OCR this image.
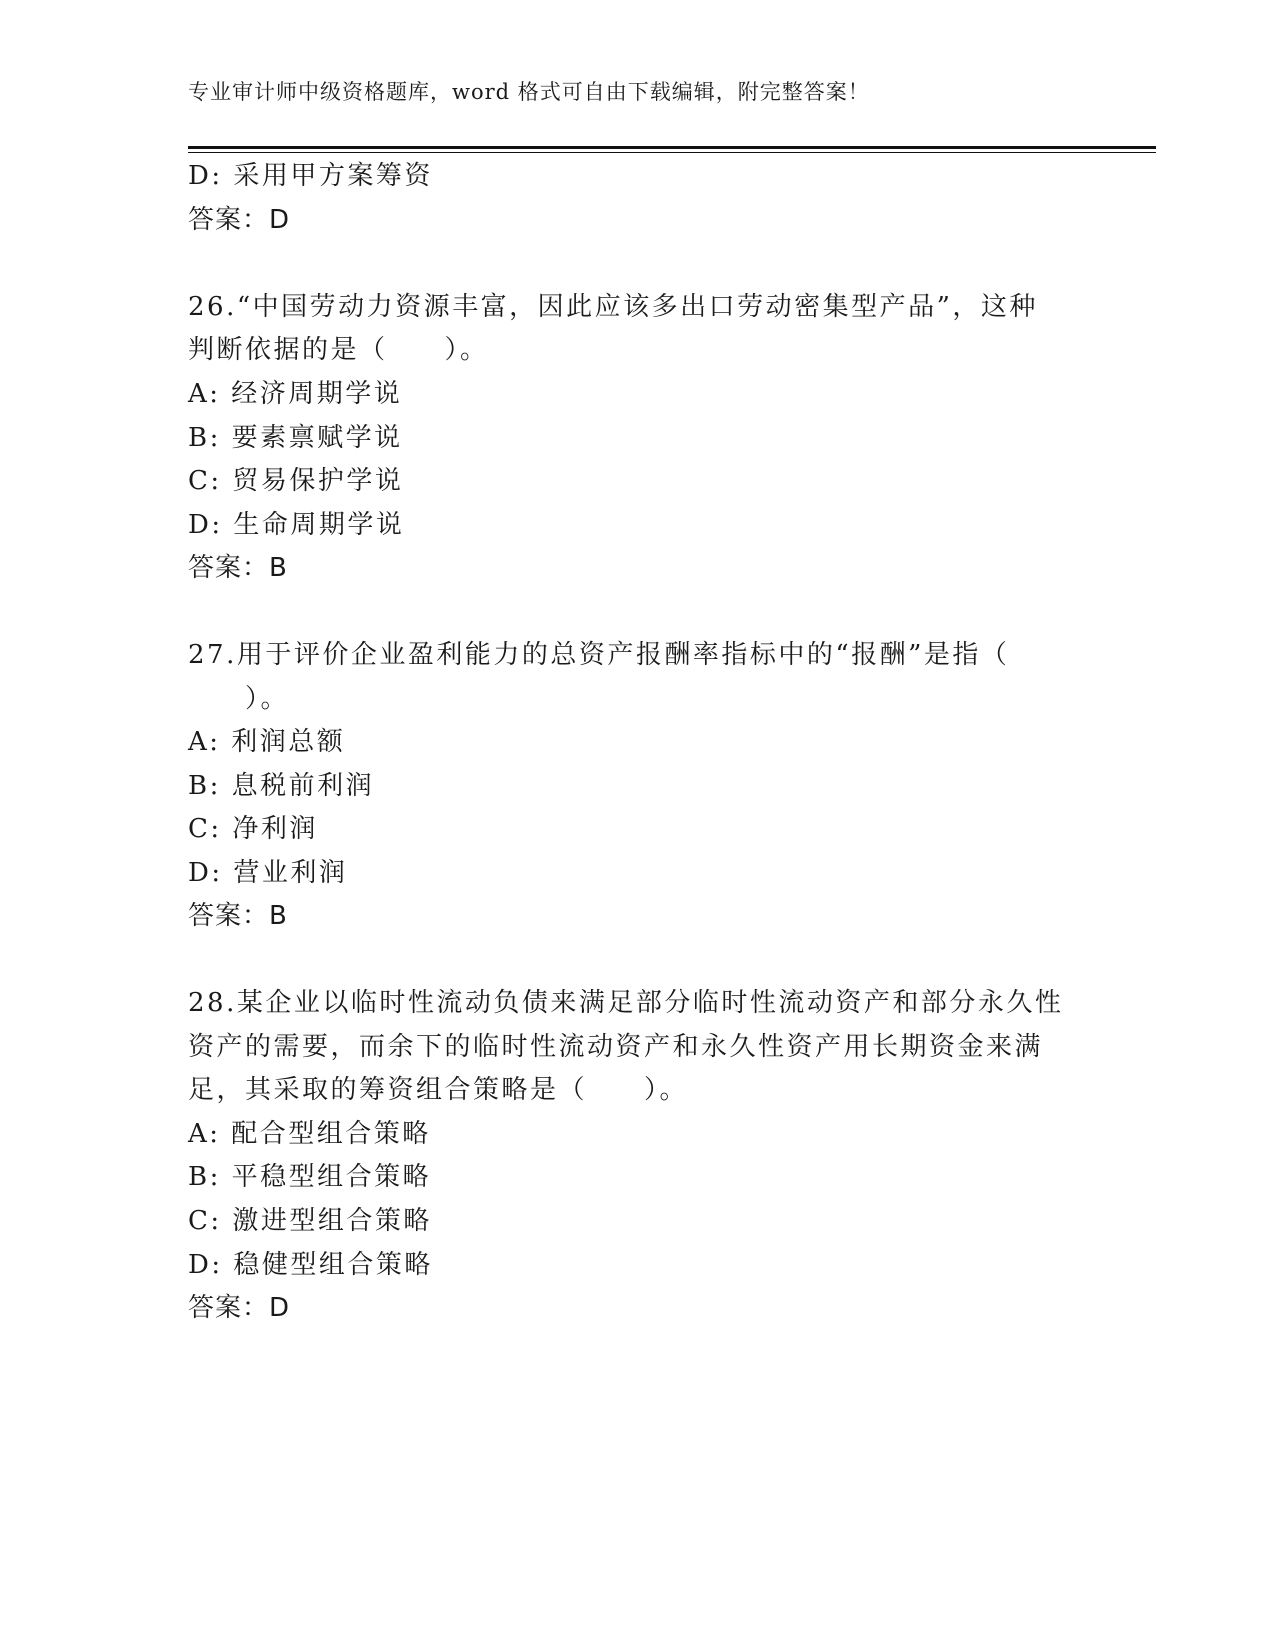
专业审计师中级资格题库，word 格式可自由下载编辑，附完整答案！
D: 采用甲方案筹资
答案：D
26.“中国劳动力资源丰富，因此应该多出口劳动密集型产品”，这种
判断依据的是（　　）。
A: 经济周期学说
B: 要素禀赋学说
C: 贸易保护学说
D: 生命周期学说
答案：B
27.用于评价企业盈利能力的总资产报酬率指标中的“报酬”是指（
　　）。
A: 利润总额
B: 息税前利润
C: 净利润
D: 营业利润
答案：B
28.某企业以临时性流动负债来满足部分临时性流动资产和部分永久性
资产的需要，而余下的临时性流动资产和永久性资产用长期资金来满
足，其采取的筹资组合策略是（　　）。
A: 配合型组合策略
B: 平稳型组合策略
C: 激进型组合策略
D: 稳健型组合策略
答案：D
